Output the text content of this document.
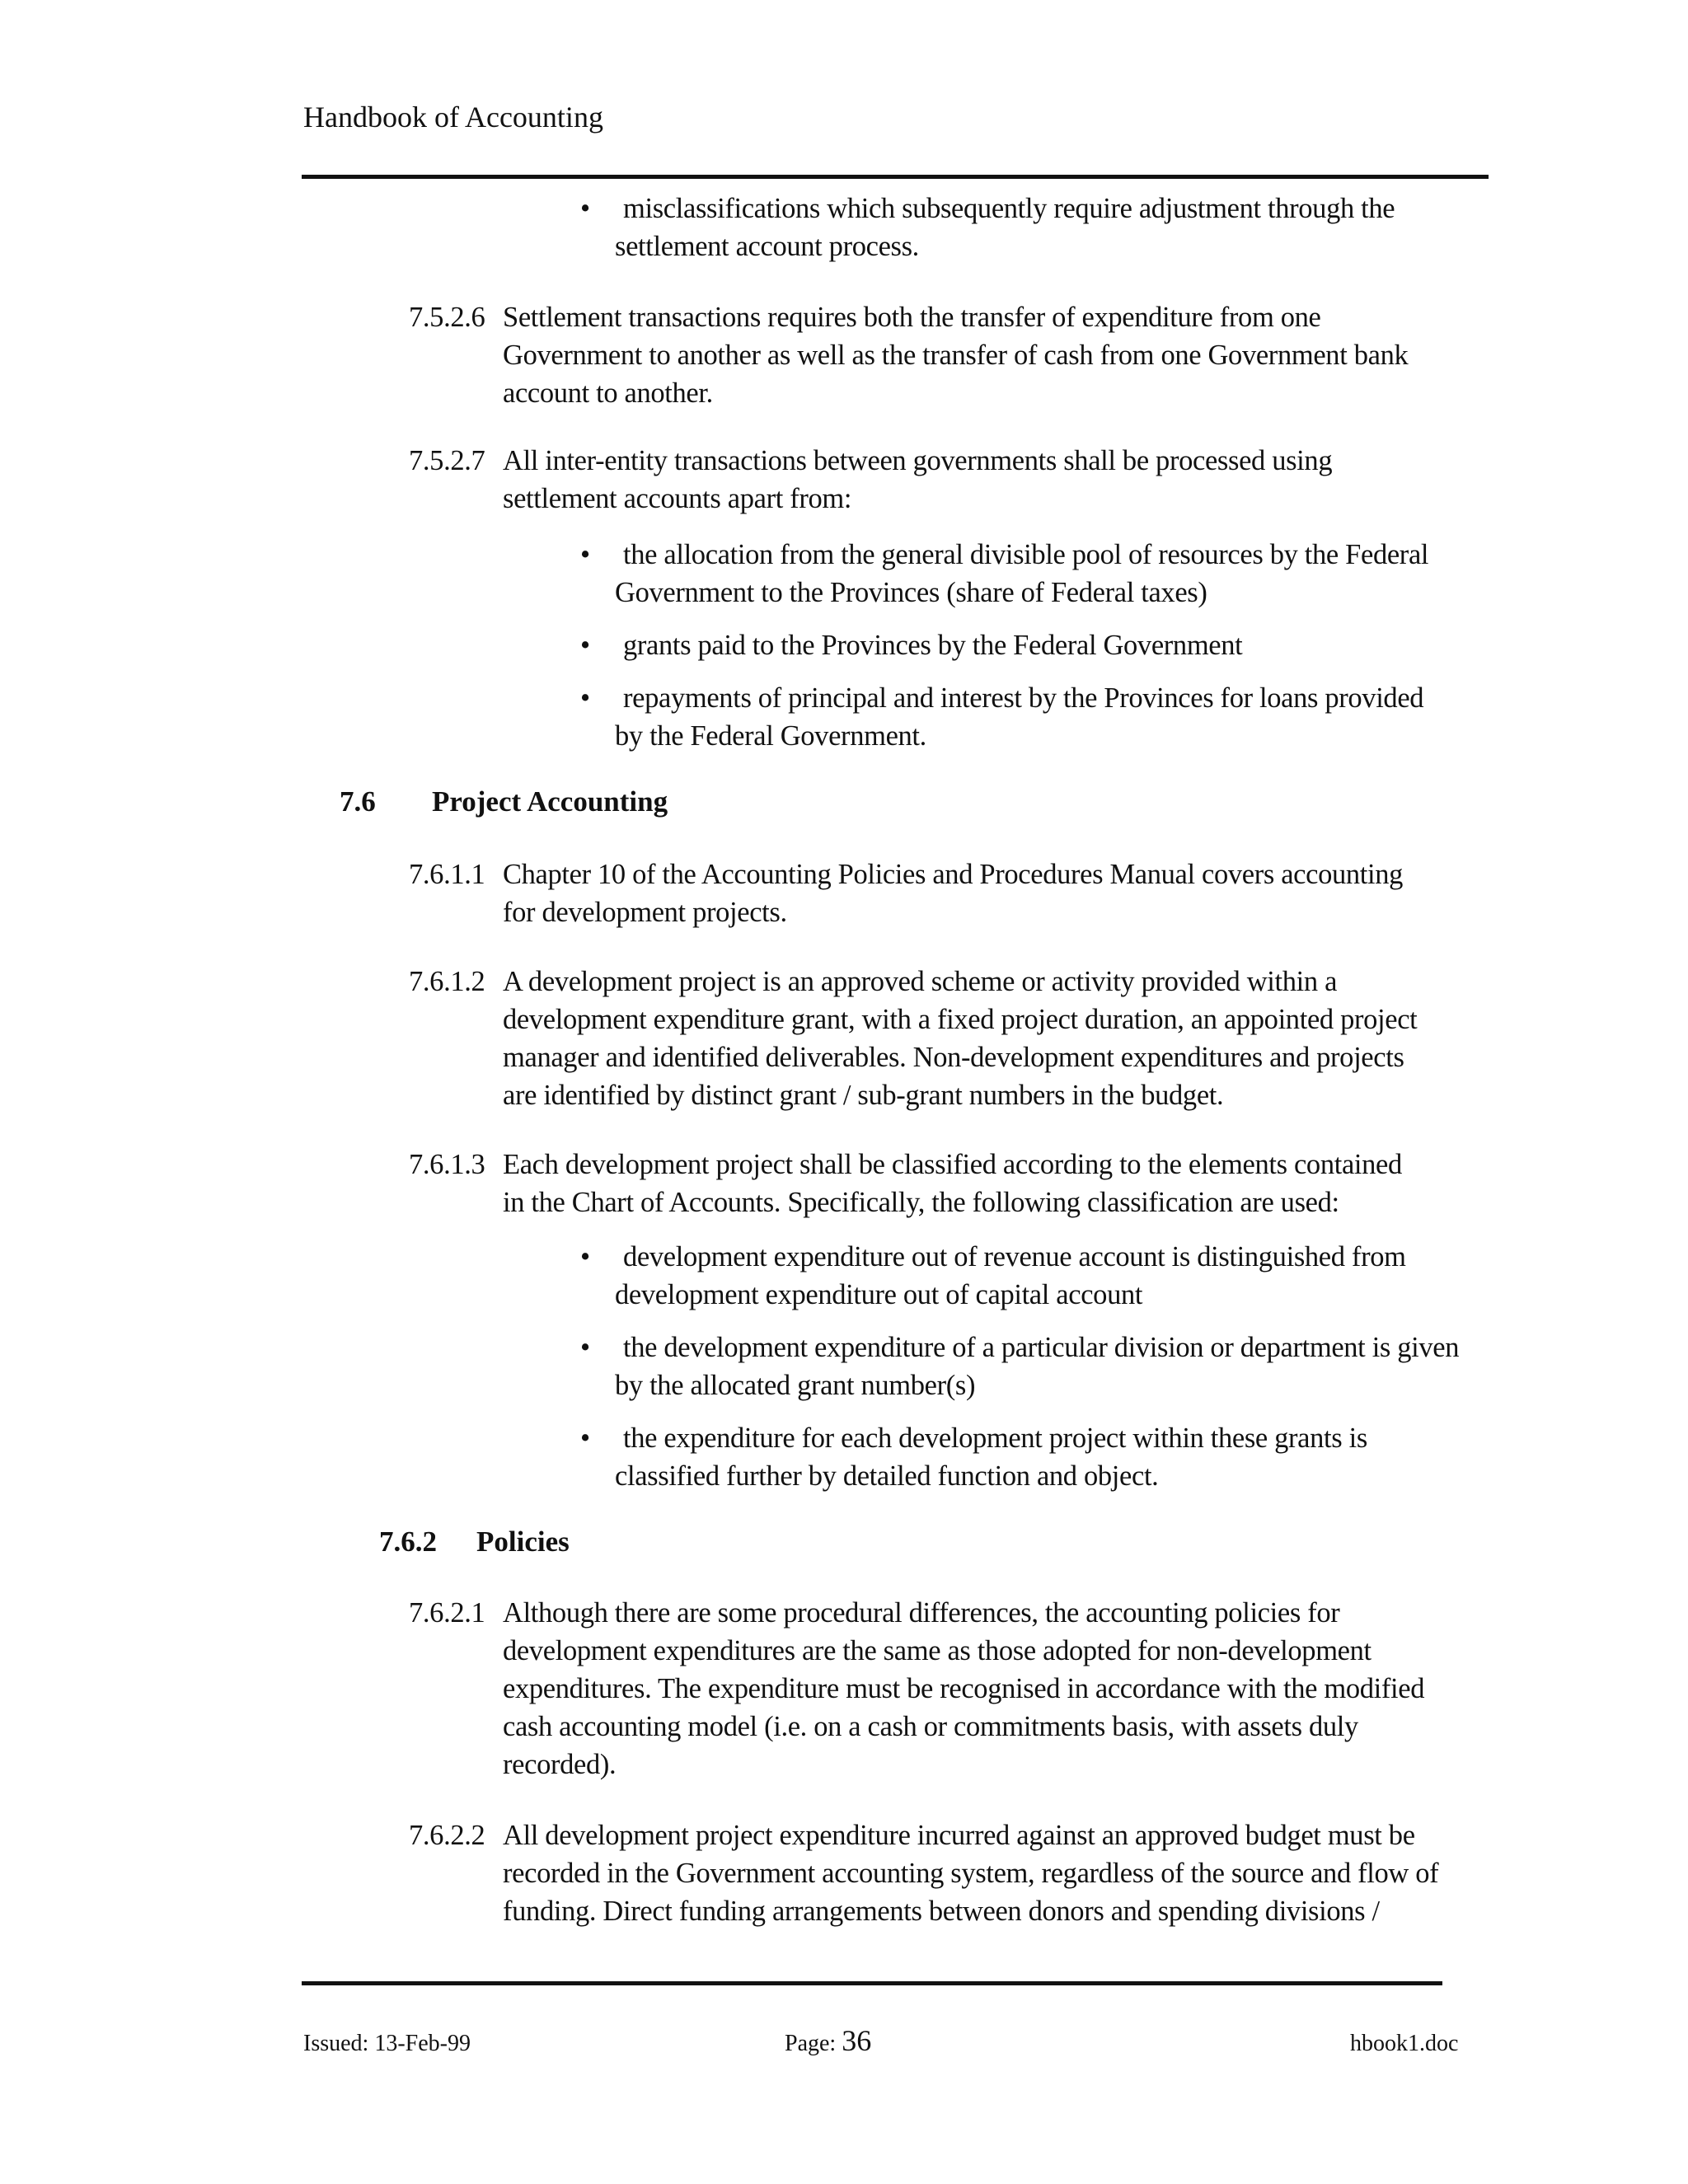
Handbook of Accounting
•	misclassifications which subsequently require adjustment through the
settlement account process.
7.5.2.6 Settlement transactions requires both the transfer of expenditure from one
Government to another as well as the transfer of cash from one Government bank
account to another.
7.5.2.7 All inter-entity transactions between governments shall be processed using
settlement accounts apart from:
•	the allocation from the general divisible pool of resources by the Federal
Government to the Provinces (share of Federal taxes)
•	grants paid to the Provinces by the Federal Government
•	repayments of principal and interest by the Provinces for loans provided
by the Federal Government.
7.6 Project Accounting
7.6.1.1 Chapter 10 of the Accounting Policies and Procedures Manual covers accounting
for development projects.
7.6.1.2 A development project is an approved scheme or activity provided within a
development expenditure grant, with a fixed project duration, an appointed project
manager and identified deliverables. Non-development expenditures and projects
are identified by distinct grant / sub-grant numbers in the budget.
7.6.1.3 Each development project shall be classified according to the elements contained
in the Chart of Accounts. Specifically, the following classification are used:
•	development expenditure out of revenue account is distinguished from
development expenditure out of capital account
•	the development expenditure of a particular division or department is given
by the allocated grant number(s)
•	the expenditure for each development project within these grants is
classified further by detailed function and object.
7.6.2 Policies
7.6.2.1 Although there are some procedural differences, the accounting policies for
development expenditures are the same as those adopted for non-development
expenditures. The expenditure must be recognised in accordance with the modified
cash accounting model (i.e. on a cash or commitments basis, with assets duly
recorded).
7.6.2.2 All development project expenditure incurred against an approved budget must be
recorded in the Government accounting system, regardless of the source and flow of
funding. Direct funding arrangements between donors and spending divisions /
Issued: 13-Feb-99	Page: 36	hbook1.doc
